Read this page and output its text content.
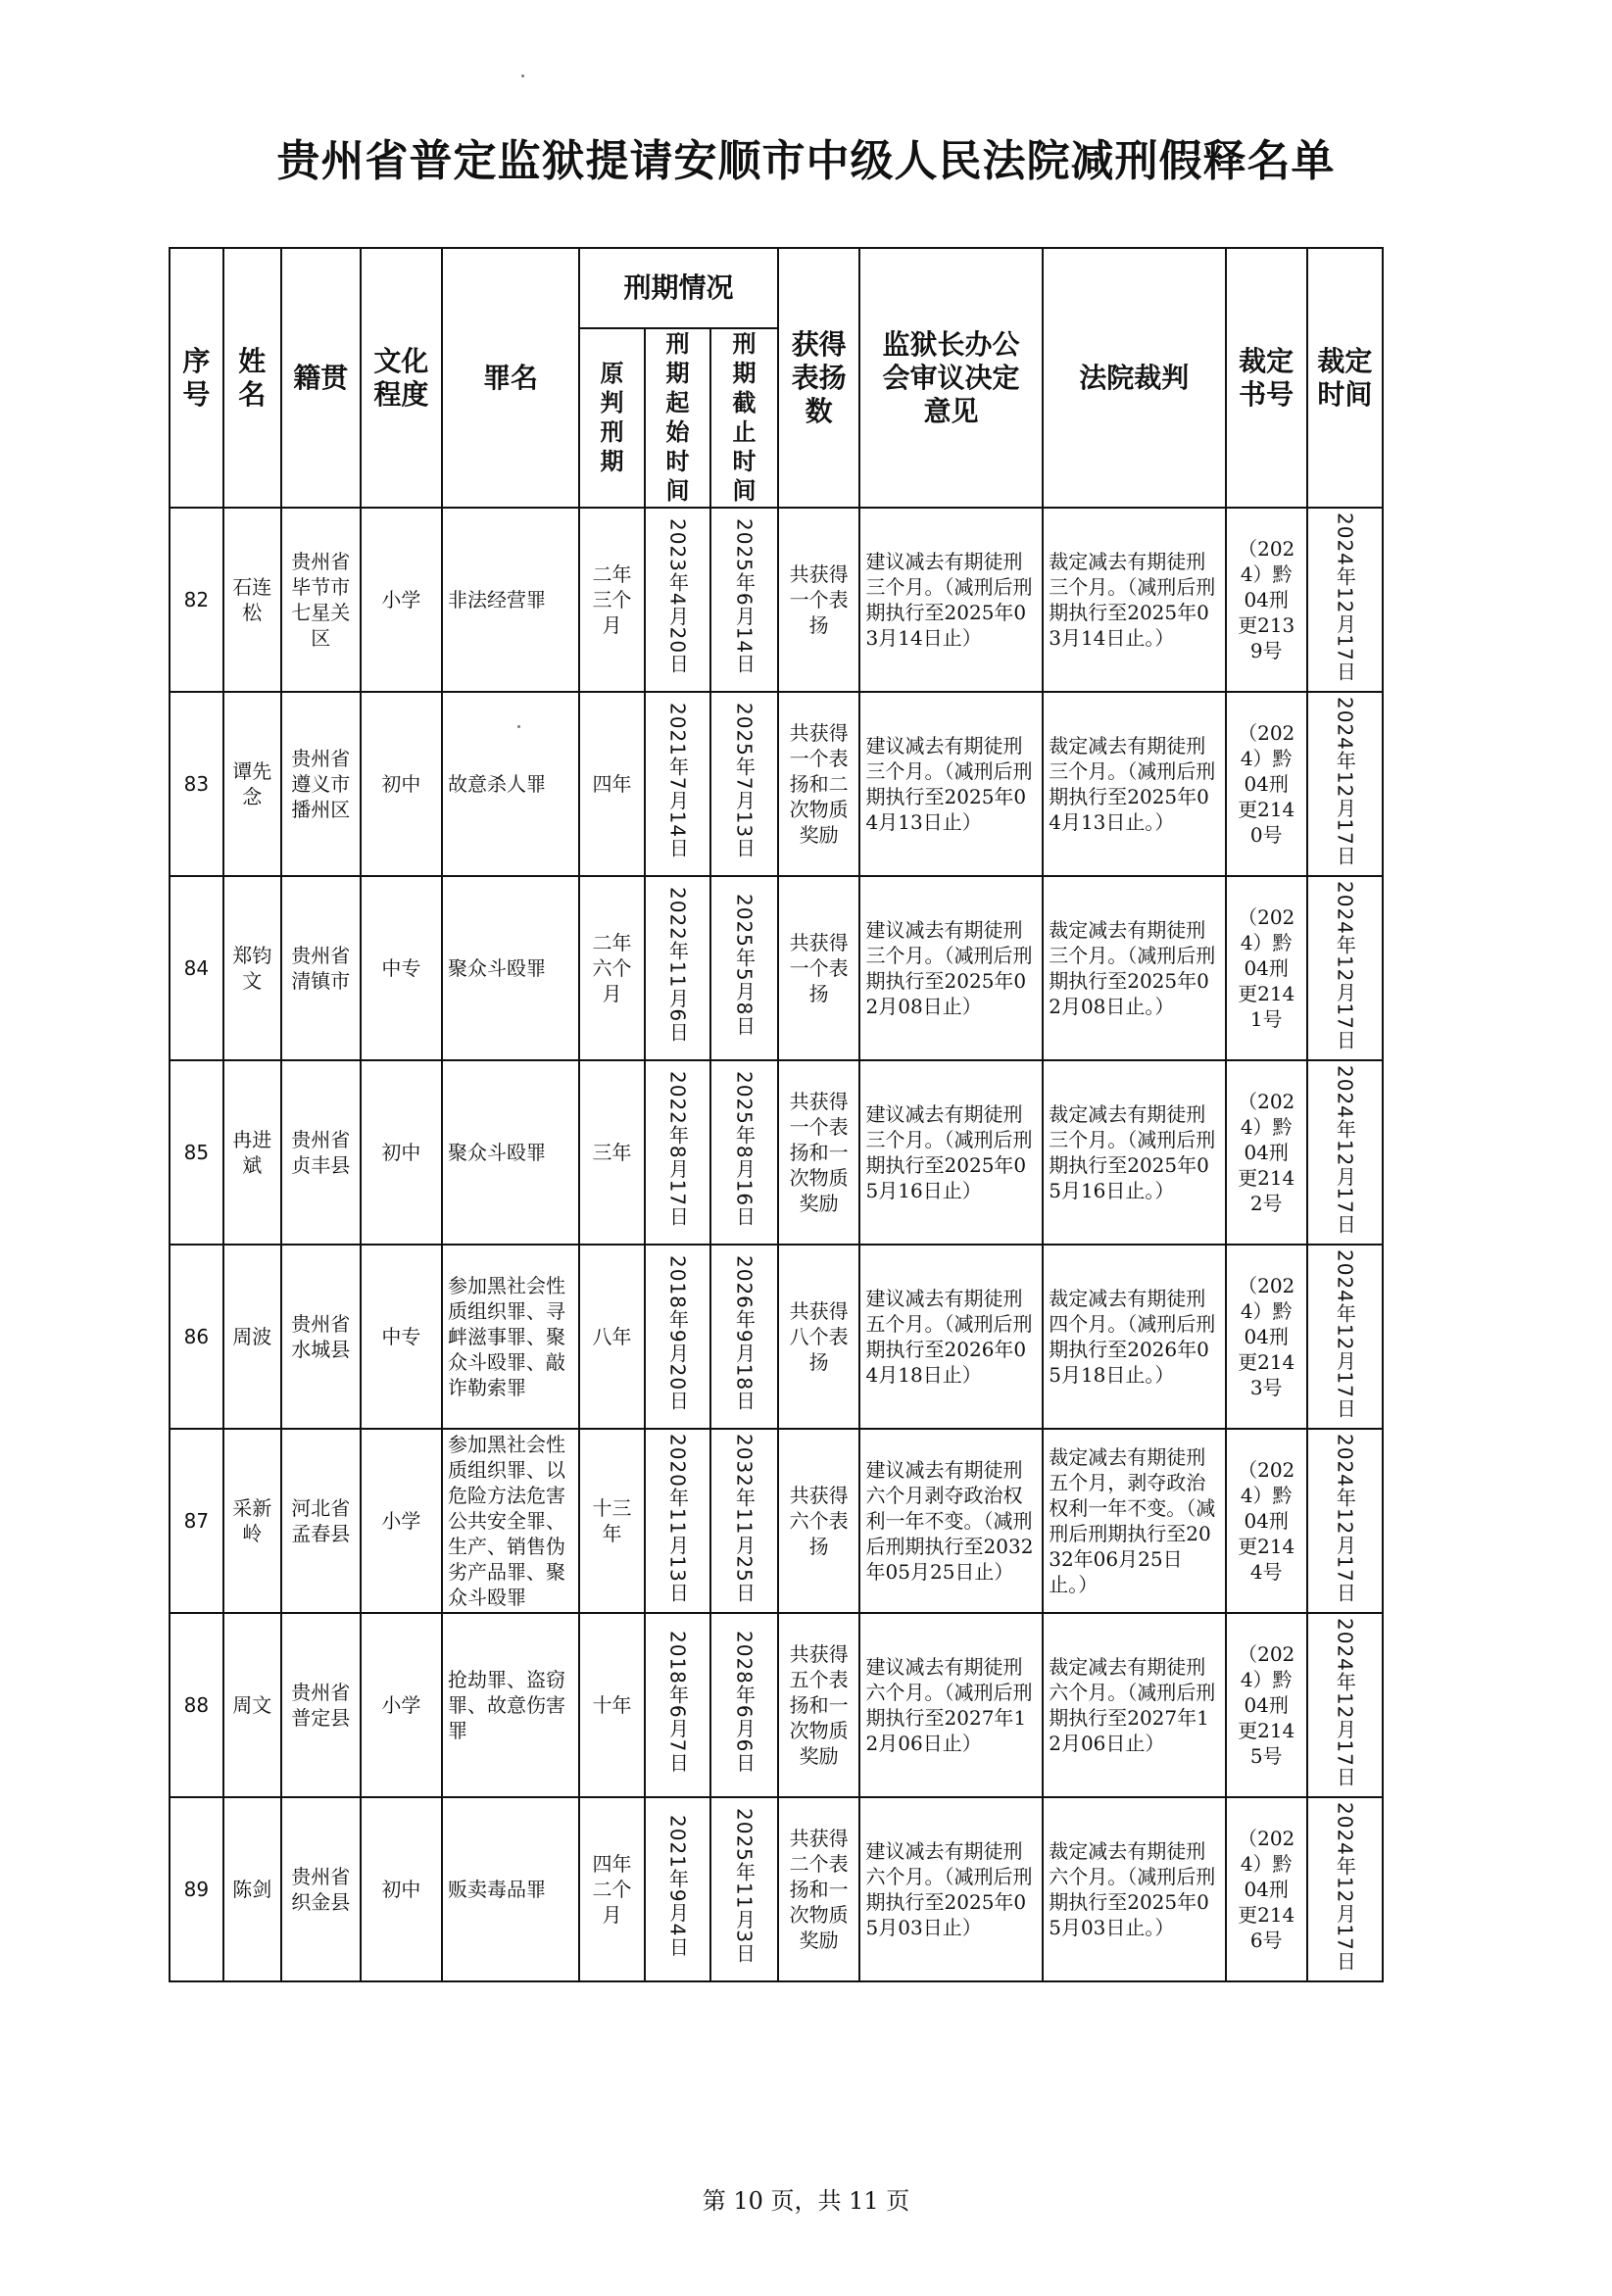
贵州省普定监狱提请安顺市中级人民法院减刑假释名单
序号	姓名	籍贯	文化程度	罪名	刑期情况			获得表扬数	监狱长办公会审议决定意见	法院裁判	裁定书号	裁定时间
					原判刑期	刑期起始时间	刑期截止时间					
82	石连松	贵州省毕节市七星关区	小学	非法经营罪	二年三个月	2023年4月20日	2025年6月14日	共获得一个表扬	建议减去有期徒刑三个月。（减刑后刑期执行至2025年03月14日止）	裁定减去有期徒刑三个月。（减刑后刑期执行至2025年03月14日止。）	（2024）黔04刑更2139号	2024年12月17日
83	谭先念	贵州省遵义市播州区	初中	故意杀人罪	四年	2021年7月14日	2025年7月13日	共获得一个表扬和二次物质奖励	建议减去有期徒刑三个月。（减刑后刑期执行至2025年04月13日止）	裁定减去有期徒刑三个月。（减刑后刑期执行至2025年04月13日止。）	（2024）黔04刑更2140号	2024年12月17日
84	郑钧文	贵州省清镇市	中专	聚众斗殴罪	二年六个月	2022年11月6日	2025年5月8日	共获得一个表扬	建议减去有期徒刑三个月。（减刑后刑期执行至2025年02月08日止）	裁定减去有期徒刑三个月。（减刑后刑期执行至2025年02月08日止。）	（2024）黔04刑更2141号	2024年12月17日
85	冉进斌	贵州省贞丰县	初中	聚众斗殴罪	三年	2022年8月17日	2025年8月16日	共获得一个表扬和一次物质奖励	建议减去有期徒刑三个月。（减刑后刑期执行至2025年05月16日止）	裁定减去有期徒刑三个月。（减刑后刑期执行至2025年05月16日止。）	（2024）黔04刑更2142号	2024年12月17日
86	周波	贵州省水城县	中专	参加黑社会性质组织罪、寻衅滋事罪、聚众斗殴罪、敲诈勒索罪	八年	2018年9月20日	2026年9月18日	共获得八个表扬	建议减去有期徒刑五个月。（减刑后刑期执行至2026年04月18日止）	裁定减去有期徒刑四个月。（减刑后刑期执行至2026年05月18日止。）	（2024）黔04刑更2143号	2024年12月17日
87	采新岭	河北省孟春县	小学	参加黑社会性质组织罪、以危险方法危害公共安全罪、生产、销售伪劣产品罪、聚众斗殴罪	十三年	2020年11月13日	2032年11月25日	共获得六个表扬	建议减去有期徒刑六个月剥夺政治权利一年不变。（减刑后刑期执行至2032年05月25日止）	裁定减去有期徒刑五个月，剥夺政治权利一年不变。（减刑后刑期执行至2032年06月25日止。）	（2024）黔04刑更2144号	2024年12月17日
88	周文	贵州省普定县	小学	抢劫罪、盗窃罪、故意伤害罪	十年	2018年6月7日	2028年6月6日	共获得五个表扬和一次物质奖励	建议减去有期徒刑六个月。（减刑后刑期执行至2027年12月06日止）	裁定减去有期徒刑六个月。（减刑后刑期执行至2027年12月06日止）	（2024）黔04刑更2145号	2024年12月17日
89	陈剑	贵州省织金县	初中	贩卖毒品罪	四年二个月	2021年9月4日	2025年11月3日	共获得二个表扬和一次物质奖励	建议减去有期徒刑六个月。（减刑后刑期执行至2025年05月03日止）	裁定减去有期徒刑六个月。（减刑后刑期执行至2025年05月03日止。）	（2024）黔04刑更2146号	2024年12月17日
第 10 页，共 11 页
